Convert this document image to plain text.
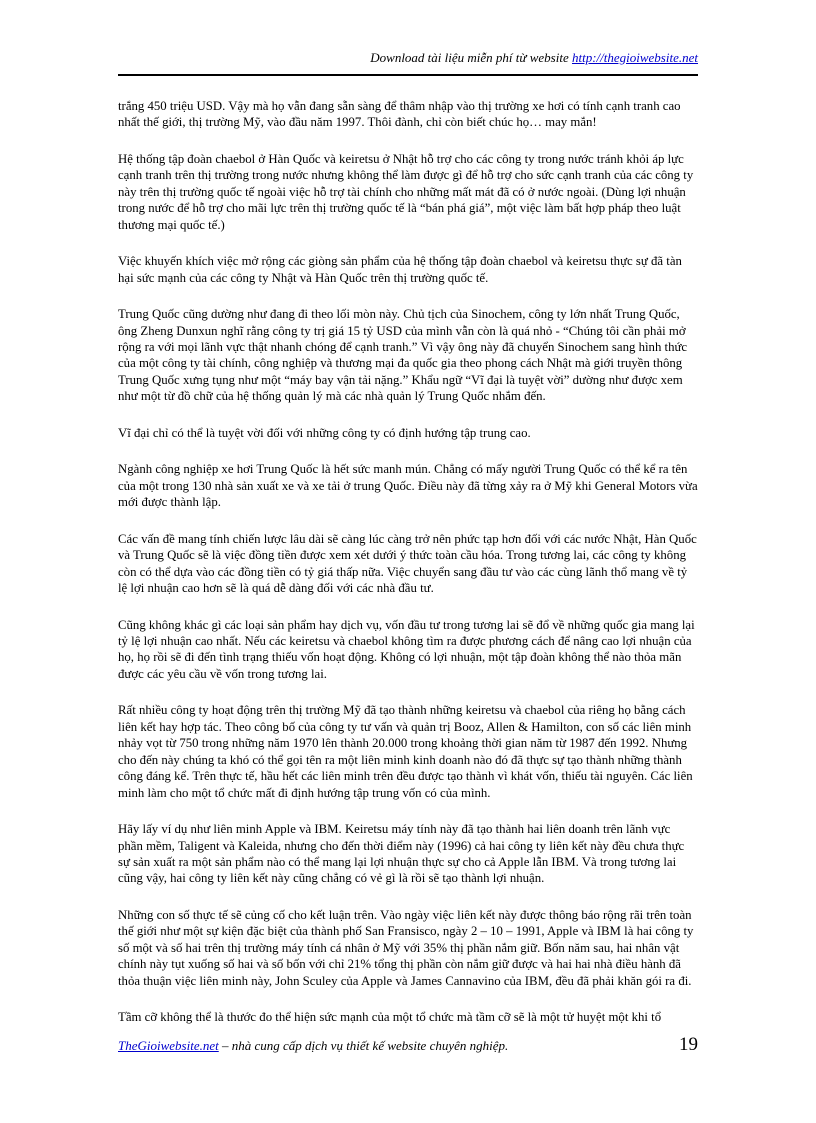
Download tài liệu miễn phí từ website http://thegioiwebsite.net

trắng 450 triệu USD. Vậy mà họ vẫn đang sẵn sàng để thâm nhập vào thị trường xe hơi có tính cạnh tranh cao nhất thế giới, thị trường Mỹ, vào đầu năm 1997. Thôi đành, chỉ còn biết chúc họ… may mắn!

Hệ thống tập đoàn chaebol ở Hàn Quốc và keiretsu ở Nhật hỗ trợ cho các công ty trong nước tránh khỏi áp lực cạnh tranh trên thị trường trong nước nhưng không thể làm được gì để hỗ trợ cho sức cạnh tranh của các công ty này trên thị trường quốc tế ngoài việc hỗ trợ tài chính cho những mất mát đã có ở nước ngoài. (Dùng lợi nhuận trong nước để hỗ trợ cho mãi lực trên thị trường quốc tế là “bán phá giá”, một việc làm bất hợp pháp theo luật thương mại quốc tế.)

Việc khuyến khích việc mở rộng các giòng sản phẩm của hệ thống tập đoàn chaebol và keiretsu thực sự đã tàn hại sức mạnh của các công ty Nhật và Hàn Quốc trên thị trường quốc tế.

Trung Quốc cũng dường như đang đi theo lối mòn này. Chủ tịch của Sinochem, công ty lớn nhất Trung Quốc, ông Zheng Dunxun nghĩ rằng công ty trị giá 15 tỷ USD của mình vẫn còn là quá nhỏ - “Chúng tôi cần phải mở rộng ra với mọi lãnh vực thật nhanh chóng để cạnh tranh.” Vì vậy ông này đã chuyển Sinochem sang hình thức của một công ty tài chính, công nghiệp và thương mại đa quốc gia theo phong cách Nhật mà giới truyền thông Trung Quốc xưng tụng như một “máy bay vận tải nặng.” Khẩu ngữ “Vĩ đại là tuyệt vời” dường như được xem như một từ đồ chữ của hệ thống quản lý mà các nhà quản lý Trung Quốc nhắm đến.

Vĩ đại chỉ có thể là tuyệt vời đối với những công ty có định hướng tập trung cao.

Ngành công nghiệp xe hơi Trung Quốc là hết sức manh mún. Chẳng có mấy người Trung Quốc có thể kể ra tên của một trong 130 nhà sản xuất xe và xe tải ở trung Quốc. Điều này đã từng xảy ra ở Mỹ khi General Motors vừa mới được thành lập.

Các vấn đề mang tính chiến lược lâu dài sẽ càng lúc càng trở nên phức tạp hơn đối với các nước Nhật, Hàn Quốc và Trung Quốc sẽ là việc đồng tiền được xem xét dưới ý thức toàn cầu hóa. Trong tương lai, các công ty không còn có thể dựa vào các đồng tiền có tỷ giá thấp nữa. Việc chuyển sang đầu tư vào các cùng lãnh thổ mang về tỷ lệ lợi nhuận cao hơn sẽ là quá dễ dàng đối với các nhà đầu tư.

Cũng không khác gì các loại sản phẩm hay dịch vụ, vốn đầu tư trong tương lai sẽ đổ về những quốc gia mang lại tỷ lệ lợi nhuận cao nhất. Nếu các keiretsu và chaebol không tìm ra được phương cách để nâng cao lợi nhuận của họ, họ rồi sẽ đi đến tình trạng thiếu vốn hoạt động. Không có lợi nhuận, một tập đoàn không thể nào thỏa mãn được các yêu cầu về vốn trong tương lai.

Rất nhiều công ty hoạt động trên thị trường Mỹ đã tạo thành những keiretsu và chaebol của riêng họ bằng cách liên kết hay hợp tác. Theo công bố của công ty tư vấn và quản trị Booz, Allen & Hamilton, con số các liên minh nhảy vọt từ 750 trong những năm 1970 lên thành 20.000 trong khoảng thời gian năm từ 1987 đến 1992. Nhưng cho đến này chúng ta khó có thể gọi tên ra một liên minh kinh doanh nào đó đã thực sự tạo thành những thành công đáng kể. Trên thực tế, hầu hết các liên minh trên đều được tạo thành vì khát vốn, thiếu tài nguyên. Các liên minh làm cho một tổ chức mất đi định hướng tập trung vốn có của mình.

Hãy lấy ví dụ như liên minh Apple và IBM. Keiretsu máy tính này đã tạo thành hai liên doanh trên lãnh vực phần mềm, Taligent và Kaleida, nhưng cho đến thời điểm này (1996) cả hai công ty liên kết này đều chưa thực sự sản xuất ra một sản phẩm nào có thể mang lại lợi nhuận thực sự cho cả Apple lẫn IBM. Và trong tương lai cũng vậy, hai công ty liên kết này cũng chẳng có vẻ gì là rồi sẽ tạo thành lợi nhuận.

Những con số thực tế sẽ củng cố cho kết luận trên. Vào ngày việc liên kết này được thông báo rộng rãi trên toàn thế giới như một sự kiện đặc biệt của thành phố San Fransisco, ngày 2 – 10 – 1991, Apple và IBM là hai công ty số một và số hai trên thị trường máy tính cá nhân ở Mỹ với 35% thị phần nắm giữ. Bốn năm sau, hai nhân vật chính này tụt xuống số hai và số bốn với chỉ 21% tổng thị phần còn nắm giữ được và hai hai nhà điều hành đã thỏa thuận việc liên minh này, John Sculey của Apple và James Cannavino của IBM, đều đã phải khăn gói ra đi.

Tầm cỡ không thể là thước đo thể hiện sức mạnh của một tổ chức mà tầm cỡ sẽ là một tử huyệt một khi tổ

TheGioiwebsite.net – nhà cung cấp dịch vụ thiết kế website chuyên nghiệp.	19
